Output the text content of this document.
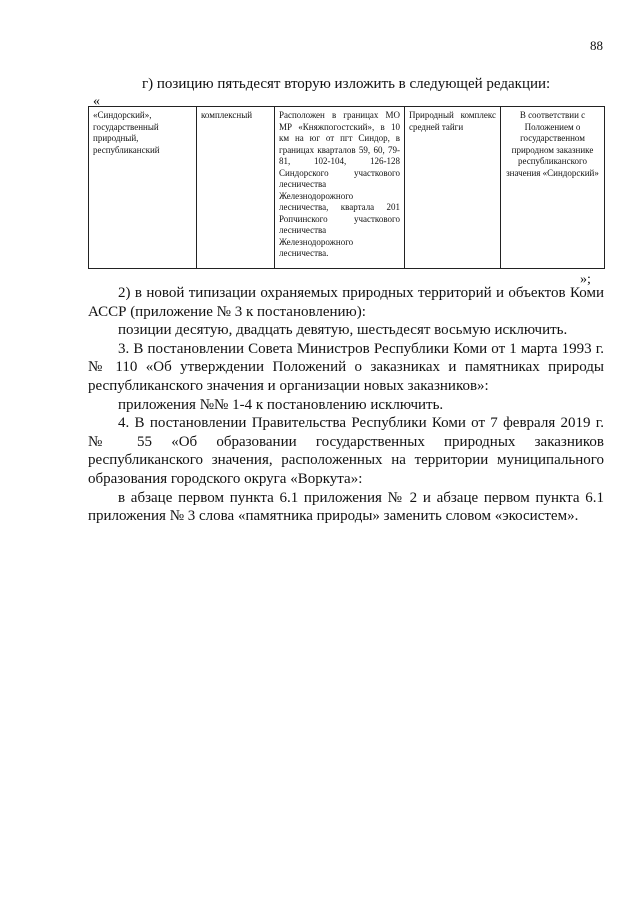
88
г) позицию пятьдесят вторую изложить в следующей редакции:
«
«Синдорский», государственный природный, республиканский	комплексный	Расположен в границах МО МР «Княжпогостский», в 10 км на юг от пгт Синдор, в границах кварталов 59, 60, 79-81, 102-104, 126-128 Синдорского участкового лесничества Железнодорожного лесничества, квартала 201 Ропчинского участкового лесничества Железнодорожного лесничества.	Природный комплекс средней тайги	В соответствии с Положением о государственном природном заказнике республиканского значения «Синдорский»
»;

2) в новой типизации охраняемых природных территорий и объектов Коми АССР (приложение № 3 к постановлению):

позиции десятую, двадцать девятую, шестьдесят восьмую исключить.

3. В постановлении Совета Министров Республики Коми от 1 марта 1993 г. № 110 «Об утверждении Положений о заказниках и памятниках природы республиканского значения и организации новых заказников»:

приложения №№ 1-4 к постановлению исключить.

4. В постановлении Правительства Республики Коми от 7 февраля 2019 г. № 55 «Об образовании государственных природных заказников республиканского значения, расположенных на территории муниципального образования городского округа «Воркута»:

в абзаце первом пункта 6.1 приложения № 2 и абзаце первом пункта 6.1 приложения № 3 слова «памятника природы» заменить словом «экосистем».
